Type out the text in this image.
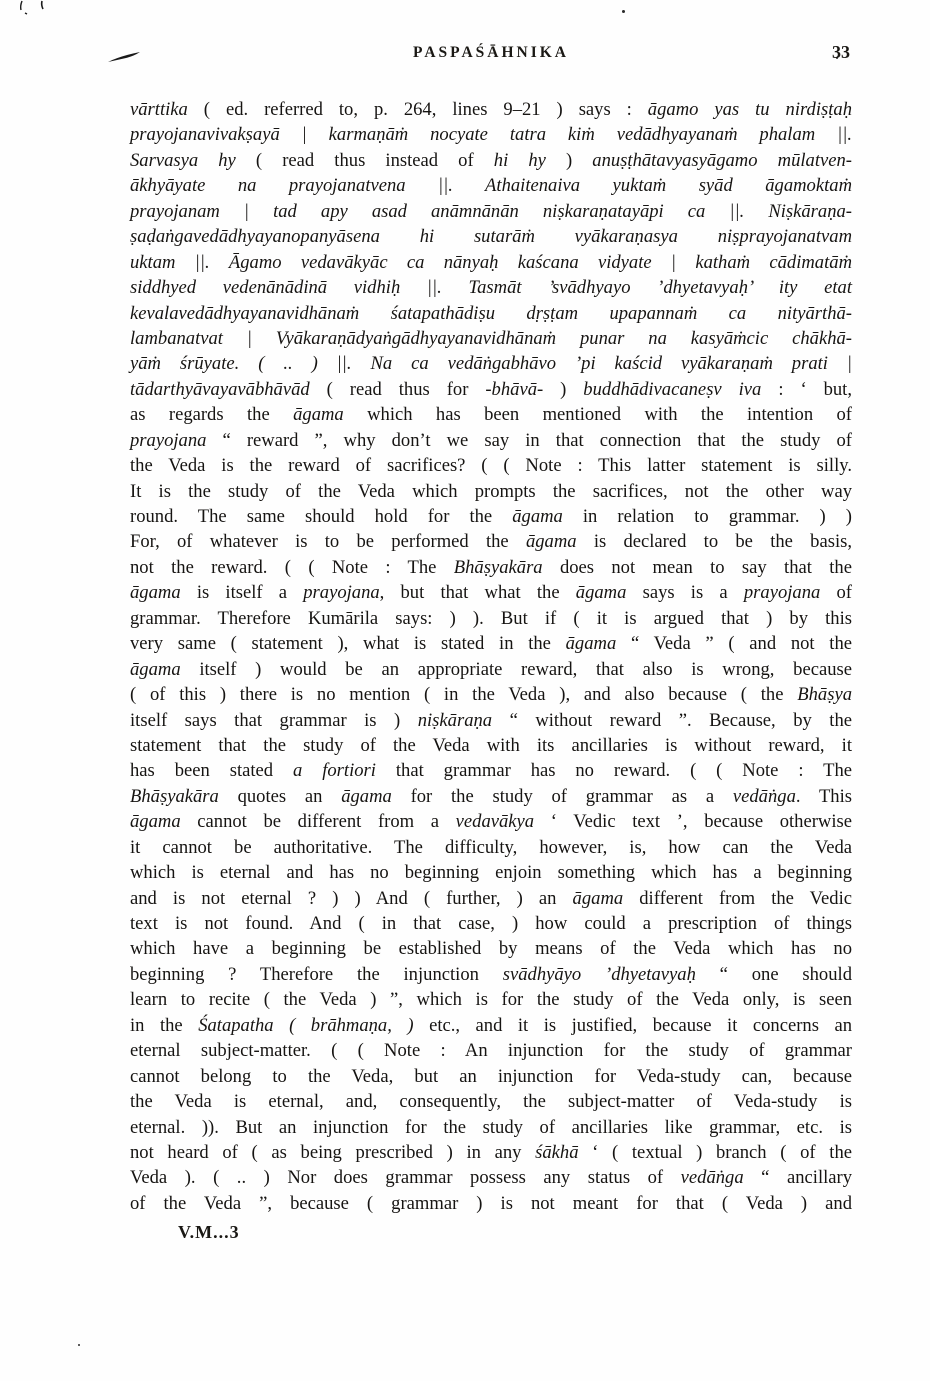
PASPAŚĀHNIKA	33
vārttika ( ed. referred to, p. 264, lines 9–21 ) says : āgamo yas tu nirdiṣṭaḥ
prayojanavivakṣayā | karmaṇāṁ nocyate tatra kiṁ vedādhyayanaṁ phalam ||.
Sarvasya hy ( read thus instead of hi hy ) anuṣṭhātavyasyāgamo mūlatven-
ākhyāyate na prayojanatvena ||. Athaitenaiva yuktaṁ syād āgamoktaṁ
prayojanam | tad apy asad anāmnānān niṣkaraṇatayāpi ca ||. Niṣkāraṇa-
ṣaḍaṅgavedādhyayanopanyāsena hi sutarāṁ vyākaraṇasya niṣprayojanatvam
uktam ||. Āgamo vedavākyāc ca nānyaḥ kaścana vidyate | kathaṁ cādimatāṁ
siddhyed vedenānādinā vidhiḥ ||. Tasmāt ’svādhyayo ’dhyetavyaḥ’ ity etat
kevalavedādhyayanavidhānaṁ śatapathādiṣu dṛṣṭam upapannaṁ ca nityārthā-
lambanatvat | Vyākaraṇādyaṅgādhyayanavidhānaṁ punar na kasyāṁcic chākhā-
yāṁ śrūyate. ( .. ) ||. Na ca vedāṅgabhāvo ’pi kaścid vyākaraṇaṁ prati |
tādarthyāvayavābhāvād ( read thus for -bhāvā- ) buddhādivacaneṣv iva : ‘ but,
as regards the āgama which has been mentioned with the intention of
prayojana “ reward ”, why don’t we say in that connection that the study of
the Veda is the reward of sacrifices? ( ( Note : This latter statement is silly.
It is the study of the Veda which prompts the sacrifices, not the other way
round. The same should hold for the āgama in relation to grammar. ) )
For, of whatever is to be performed the āgama is declared to be the basis,
not the reward. ( ( Note : The Bhāṣyakāra does not mean to say that the
āgama is itself a prayojana, but that what the āgama says is a prayojana of
grammar. Therefore Kumārila says: ) ). But if ( it is argued that ) by this
very same ( statement ), what is stated in the āgama “ Veda ” ( and not the
āgama itself ) would be an appropriate reward, that also is wrong, because
( of this ) there is no mention ( in the Veda ), and also because ( the Bhāṣya
itself says that grammar is ) niṣkāraṇa “ without reward ”. Because, by the
statement that the study of the Veda with its ancillaries is without reward, it
has been stated a fortiori that grammar has no reward. ( ( Note : The
Bhāṣyakāra quotes an āgama for the study of grammar as a vedāṅga. This
āgama cannot be different from a vedavākya ‘ Vedic text ’, because otherwise
it cannot be authoritative. The difficulty, however, is, how can the Veda
which is eternal and has no beginning enjoin something which has a beginning
and is not eternal ? ) ) And ( further, ) an āgama different from the Vedic
text is not found. And ( in that case, ) how could a prescription of things
which have a beginning be established by means of the Veda which has no
beginning ? Therefore the injunction svādhyāyo ’dhyetavyaḥ “ one should
learn to recite ( the Veda ) ”, which is for the study of the Veda only, is seen
in the Śatapatha ( brāhmaṇa, ) etc., and it is justified, because it concerns an
eternal subject-matter. ( ( Note : An injunction for the study of grammar
cannot belong to the Veda, but an injunction for Veda-study can, because
the Veda is eternal, and, consequently, the subject-matter of Veda-study is
eternal. )). But an injunction for the study of ancillaries like grammar, etc. is
not heard of ( as being prescribed ) in any śākhā ‘ ( textual ) branch ( of the
Veda ). ( .. ) Nor does grammar possess any status of vedāṅga “ ancillary
of the Veda ”, because ( grammar ) is not meant for that ( Veda ) and
V.M...3
